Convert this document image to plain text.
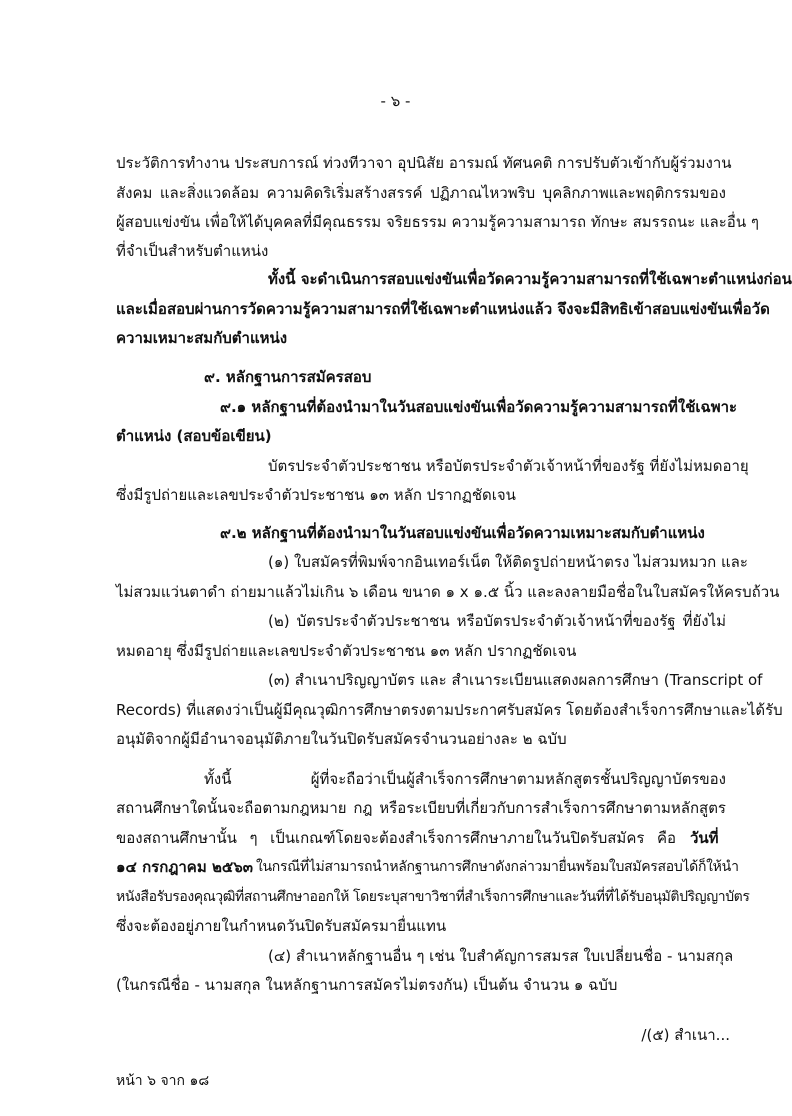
- ๖ -

ประวัติการทำงาน ประสบการณ์ ท่วงทีวาจา อุปนิสัย อารมณ์ ทัศนคติ การปรับตัวเข้ากับผู้ร่วมงาน

สังคม และสิ่งแวดล้อม ความคิดริเริ่มสร้างสรรค์ ปฏิภาณไหวพริบ บุคลิกภาพและพฤติกรรมของ

ผู้สอบแข่งขัน เพื่อให้ได้บุคคลที่มีคุณธรรม จริยธรรม ความรู้ความสามารถ ทักษะ สมรรถนะ และอื่น ๆ

ที่จำเป็นสำหรับตำแหน่ง

ทั้งนี้ จะดำเนินการสอบแข่งขันเพื่อวัดความรู้ความสามารถที่ใช้เฉพาะตำแหน่งก่อน

และเมื่อสอบผ่านการวัดความรู้ความสามารถที่ใช้เฉพาะตำแหน่งแล้ว จึงจะมีสิทธิเข้าสอบแข่งขันเพื่อวัด

ความเหมาะสมกับตำแหน่ง

๙. หลักฐานการสมัครสอบ

๙.๑ หลักฐานที่ต้องนำมาในวันสอบแข่งขันเพื่อวัดความรู้ความสามารถที่ใช้เฉพาะ

ตำแหน่ง (สอบข้อเขียน)

บัตรประจำตัวประชาชน หรือบัตรประจำตัวเจ้าหน้าที่ของรัฐ ที่ยังไม่หมดอายุ

ซึ่งมีรูปถ่ายและเลขประจำตัวประชาชน ๑๓ หลัก ปรากฏชัดเจน

๙.๒ หลักฐานที่ต้องนำมาในวันสอบแข่งขันเพื่อวัดความเหมาะสมกับตำแหน่ง

(๑) ใบสมัครที่พิมพ์จากอินเทอร์เน็ต ให้ติดรูปถ่ายหน้าตรง ไม่สวมหมวก และ

ไม่สวมแว่นตาดำ ถ่ายมาแล้วไม่เกิน ๖ เดือน ขนาด ๑ x ๑.๕ นิ้ว และลงลายมือชื่อในใบสมัครให้ครบถ้วน

(๒) บัตรประจำตัวประชาชน หรือบัตรประจำตัวเจ้าหน้าที่ของรัฐ ที่ยังไม่

หมดอายุ ซึ่งมีรูปถ่ายและเลขประจำตัวประชาชน ๑๓ หลัก ปรากฏชัดเจน

(๓) สำเนาปริญญาบัตร และ สำเนาระเบียนแสดงผลการศึกษา (Transcript of

Records) ที่แสดงว่าเป็นผู้มีคุณวุฒิการศึกษาตรงตามประกาศรับสมัคร โดยต้องสำเร็จการศึกษาและได้รับ

อนุมัติจากผู้มีอำนาจอนุมัติภายในวันปิดรับสมัครจำนวนอย่างละ ๒ ฉบับ

ทั้งนี้ ผู้ที่จะถือว่าเป็นผู้สำเร็จการศึกษาตามหลักสูตรชั้นปริญญาบัตรของ

สถานศึกษาใดนั้นจะถือตามกฎหมาย กฎ หรือระเบียบที่เกี่ยวกับการสำเร็จการศึกษาตามหลักสูตร

ของสถานศึกษานั้น ๆ เป็นเกณฑ์โดยจะต้องสำเร็จการศึกษาภายในวันปิดรับสมัคร คือ วันที่
๑๔ กรกฎาคม ๒๕๖๓ ในกรณีที่ไม่สามารถนำหลักฐานการศึกษาดังกล่าวมายื่นพร้อมใบสมัครสอบได้ก็ให้นำ

หนังสือรับรองคุณวุฒิที่สถานศึกษาออกให้ โดยระบุสาขาวิชาที่สำเร็จการศึกษาและวันที่ที่ได้รับอนุมัติปริญญาบัตร

ซึ่งจะต้องอยู่ภายในกำหนดวันปิดรับสมัครมายื่นแทน

(๔) สำเนาหลักฐานอื่น ๆ เช่น ใบสำคัญการสมรส ใบเปลี่ยนชื่อ - นามสกุล

(ในกรณีชื่อ - นามสกุล ในหลักฐานการสมัครไม่ตรงกัน) เป็นต้น จำนวน ๑ ฉบับ

/(๕) สำเนา...

หน้า ๖ จาก ๑๘
